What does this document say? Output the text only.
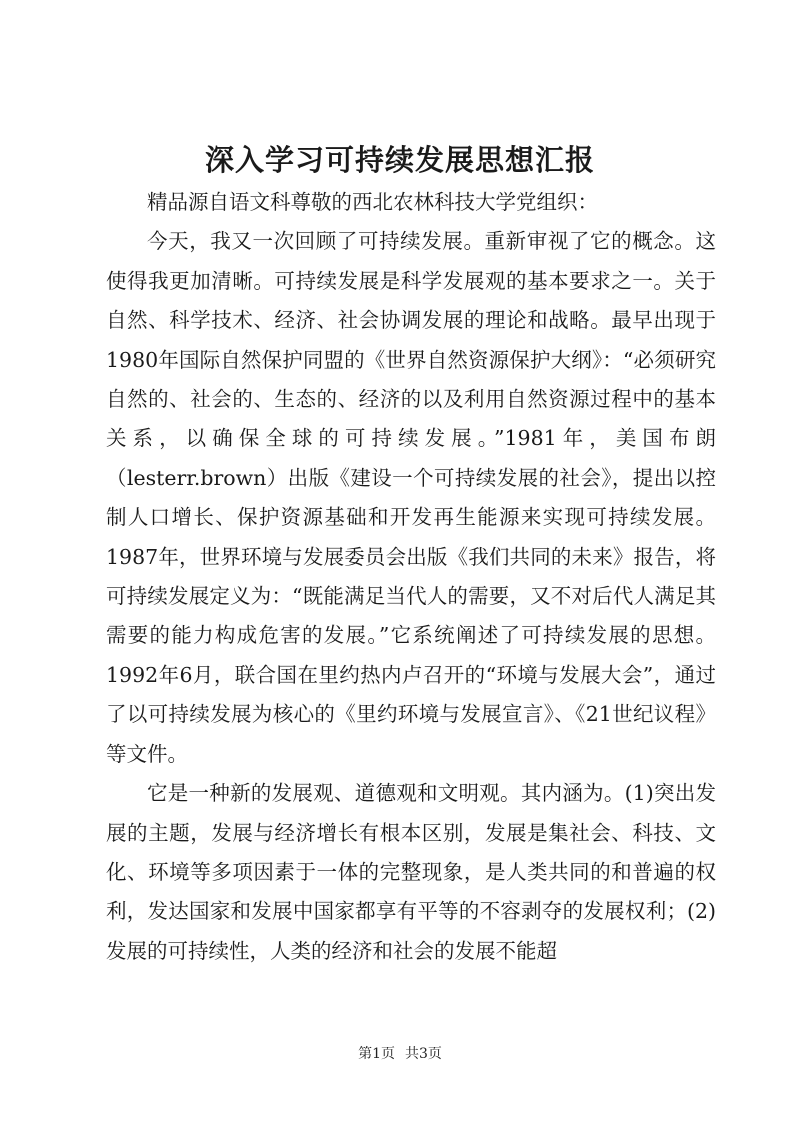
深入学习可持续发展思想汇报

精品源自语文科尊敬的西北农林科技大学党组织：

今天，我又一次回顾了可持续发展。重新审视了它的概念。这使得我更加清晰。可持续发展是科学发展观的基本要求之一。关于自然、科学技术、经济、社会协调发展的理论和战略。最早出现于1980年国际自然保护同盟的《世界自然资源保护大纲》：“必须研究自然的、社会的、生态的、经济的以及利用自然资源过程中的基本关系，以确保全球的可持续发展。”1981年，美国布朗（lesterr.brown）出版《建设一个可持续发展的社会》，提出以控制人口增长、保护资源基础和开发再生能源来实现可持续发展。1987年，世界环境与发展委员会出版《我们共同的未来》报告，将可持续发展定义为：“既能满足当代人的需要，又不对后代人满足其需要的能力构成危害的发展。”它系统阐述了可持续发展的思想。1992年6月，联合国在里约热内卢召开的“环境与发展大会”，通过了以可持续发展为核心的《里约环境与发展宣言》、《21世纪议程》等文件。

它是一种新的发展观、道德观和文明观。其内涵为。(1)突出发展的主题，发展与经济增长有根本区别，发展是集社会、科技、文化、环境等多项因素于一体的完整现象，是人类共同的和普遍的权利，发达国家和发展中国家都享有平等的不容剥夺的发展权利；(2)发展的可持续性，人类的经济和社会的发展不能超

第1页 共3页
